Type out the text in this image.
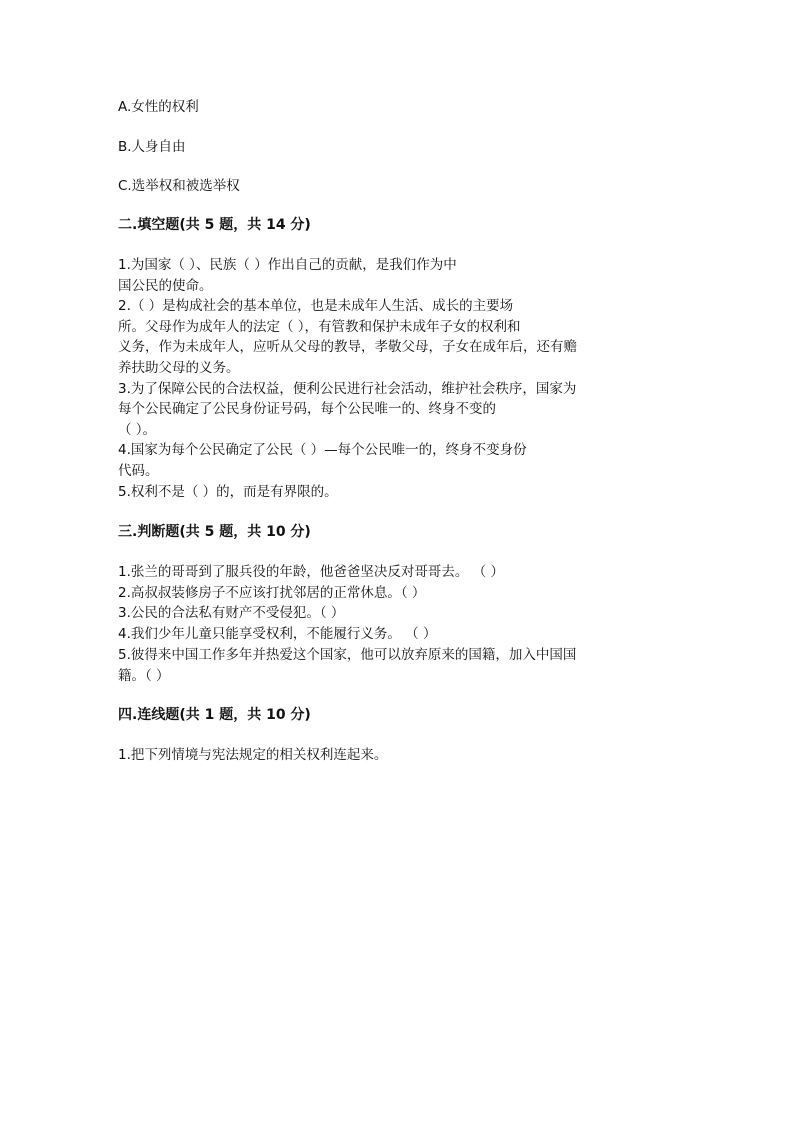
A.女性的权利
B.人身自由
C.选举权和被选举权
二.填空题(共 5 题，共 14 分)
1.为国家（ ）、民族（ ）作出自己的贡献，是我们作为中
国公民的使命。
2.（ ）是构成社会的基本单位，也是未成年人生活、成长的主要场
所。父母作为成年人的法定（ ），有管教和保护未成年子女的权利和
义务，作为未成年人，应听从父母的教导，孝敬父母，子女在成年后，还有赡
养扶助父母的义务。
3.为了保障公民的合法权益，便利公民进行社会活动，维护社会秩序，国家为
每个公民确定了公民身份证号码，每个公民唯一的、终身不变的
（ ）。
4.国家为每个公民确定了公民（ ）—每个公民唯一的，终身不变身份
代码。
5.权利不是（ ）的，而是有界限的。
三.判断题(共 5 题，共 10 分)
1.张兰的哥哥到了服兵役的年龄，他爸爸坚决反对哥哥去。 （ ）
2.高叔叔装修房子不应该打扰邻居的正常休息。（ ）
3.公民的合法私有财产不受侵犯。（ ）
4.我们少年儿童只能享受权利，不能履行义务。 （ ）
5.彼得来中国工作多年并热爱这个国家，他可以放弃原来的国籍，加入中国国
籍。（ ）
四.连线题(共 1 题，共 10 分)
1.把下列情境与宪法规定的相关权利连起来。
